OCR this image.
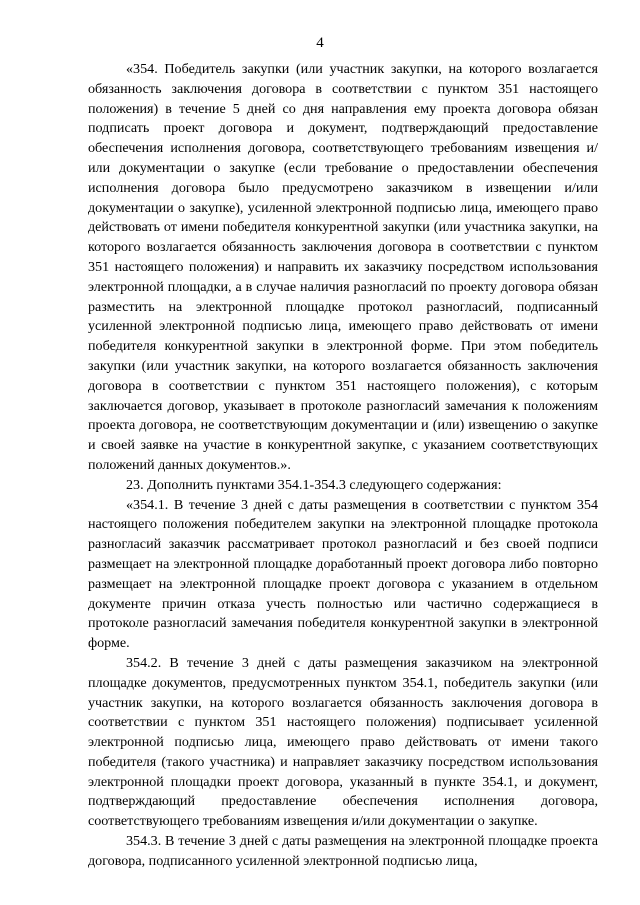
4

«354. Победитель закупки (или участник закупки, на которого возлагается обязанность заключения договора в соответствии с пунктом 351 настоящего положения) в течение 5 дней со дня направления ему проекта договора обязан подписать проект договора и документ, подтверждающий предоставление обеспечения исполнения договора, соответствующего требованиям извещения и/или документации о закупке (если требование о предоставлении обеспечения исполнения договора было предусмотрено заказчиком в извещении и/или документации о закупке), усиленной электронной подписью лица, имеющего право действовать от имени победителя конкурентной закупки (или участника закупки, на которого возлагается обязанность заключения договора в соответствии с пунктом 351 настоящего положения) и направить их заказчику посредством использования электронной площадки, а в случае наличия разногласий по проекту договора обязан разместить на электронной площадке протокол разногласий, подписанный усиленной электронной подписью лица, имеющего право действовать от имени победителя конкурентной закупки в электронной форме. При этом победитель закупки (или участник закупки, на которого возлагается обязанность заключения договора в соответствии с пунктом 351 настоящего положения), с которым заключается договор, указывает в протоколе разногласий замечания к положениям проекта договора, не соответствующим документации и (или) извещению о закупке и своей заявке на участие в конкурентной закупке, с указанием соответствующих положений данных документов.».

23. Дополнить пунктами 354.1-354.3 следующего содержания:

«354.1. В течение 3 дней с даты размещения в соответствии с пунктом 354 настоящего положения победителем закупки на электронной площадке протокола разногласий заказчик рассматривает протокол разногласий и без своей подписи размещает на электронной площадке доработанный проект договора либо повторно размещает на электронной площадке проект договора с указанием в отдельном документе причин отказа учесть полностью или частично содержащиеся в протоколе разногласий замечания победителя конкурентной закупки в электронной форме.

354.2. В течение 3 дней с даты размещения заказчиком на электронной площадке документов, предусмотренных пунктом 354.1, победитель закупки (или участник закупки, на которого возлагается обязанность заключения договора в соответствии с пунктом 351 настоящего положения) подписывает усиленной электронной подписью лица, имеющего право действовать от имени такого победителя (такого участника) и направляет заказчику посредством использования электронной площадки проект договора, указанный в пункте 354.1, и документ, подтверждающий предоставление обеспечения исполнения договора, соответствующего требованиям извещения и/или документации о закупке.

354.3. В течение 3 дней с даты размещения на электронной площадке проекта договора, подписанного усиленной электронной подписью лица,
